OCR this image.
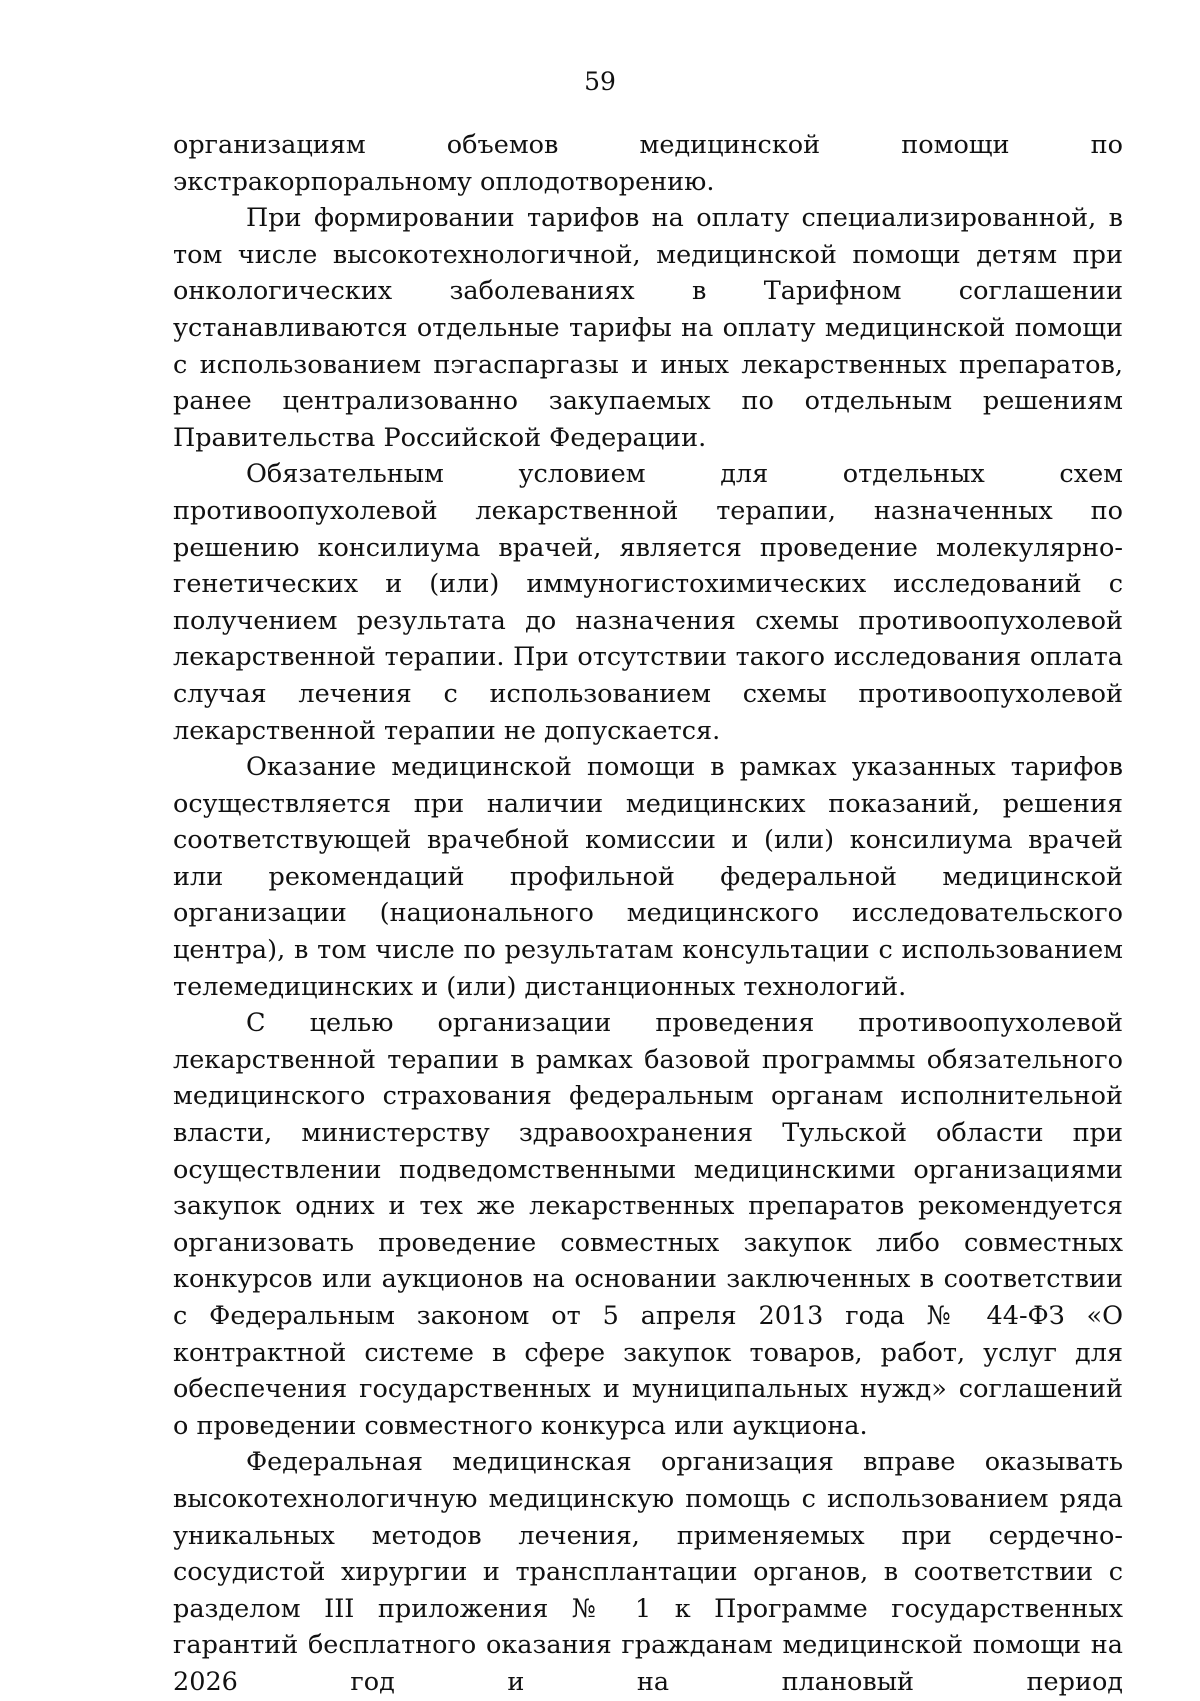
59

организациям объемов медицинской помощи по экстракорпоральному оплодотворению.

При формировании тарифов на оплату специализированной, в том числе высокотехнологичной, медицинской помощи детям при онкологических заболеваниях в Тарифном соглашении устанавливаются отдельные тарифы на оплату медицинской помощи с использованием пэгаспаргазы и иных лекарственных препаратов, ранее централизованно закупаемых по отдельным решениям Правительства Российской Федерации.

Обязательным условием для отдельных схем противоопухолевой лекарственной терапии, назначенных по решению консилиума врачей, является проведение молекулярно-генетических и (или) иммуногистохимических исследований с получением результата до назначения схемы противоопухолевой лекарственной терапии. При отсутствии такого исследования оплата случая лечения с использованием схемы противоопухолевой лекарственной терапии не допускается.

Оказание медицинской помощи в рамках указанных тарифов осуществляется при наличии медицинских показаний, решения соответствующей врачебной комиссии и (или) консилиума врачей или рекомендаций профильной федеральной медицинской организации (национального медицинского исследовательского центра), в том числе по результатам консультации с использованием телемедицинских и (или) дистанционных технологий.

С целью организации проведения противоопухолевой лекарственной терапии в рамках базовой программы обязательного медицинского страхования федеральным органам исполнительной власти, министерству здравоохранения Тульской области при осуществлении подведомственными медицинскими организациями закупок одних и тех же лекарственных препаратов рекомендуется организовать проведение совместных закупок либо совместных конкурсов или аукционов на основании заключенных в соответствии с Федеральным законом от 5 апреля 2013 года № 44-ФЗ «О контрактной системе в сфере закупок товаров, работ, услуг для обеспечения государственных и муниципальных нужд» соглашений о проведении совместного конкурса или аукциона.

Федеральная медицинская организация вправе оказывать высокотехнологичную медицинскую помощь с использованием ряда уникальных методов лечения, применяемых при сердечно-сосудистой хирургии и трансплантации органов, в соответствии с разделом III приложения № 1 к Программе государственных гарантий бесплатного оказания гражданам медицинской помощи на 2026 год и на плановый период
